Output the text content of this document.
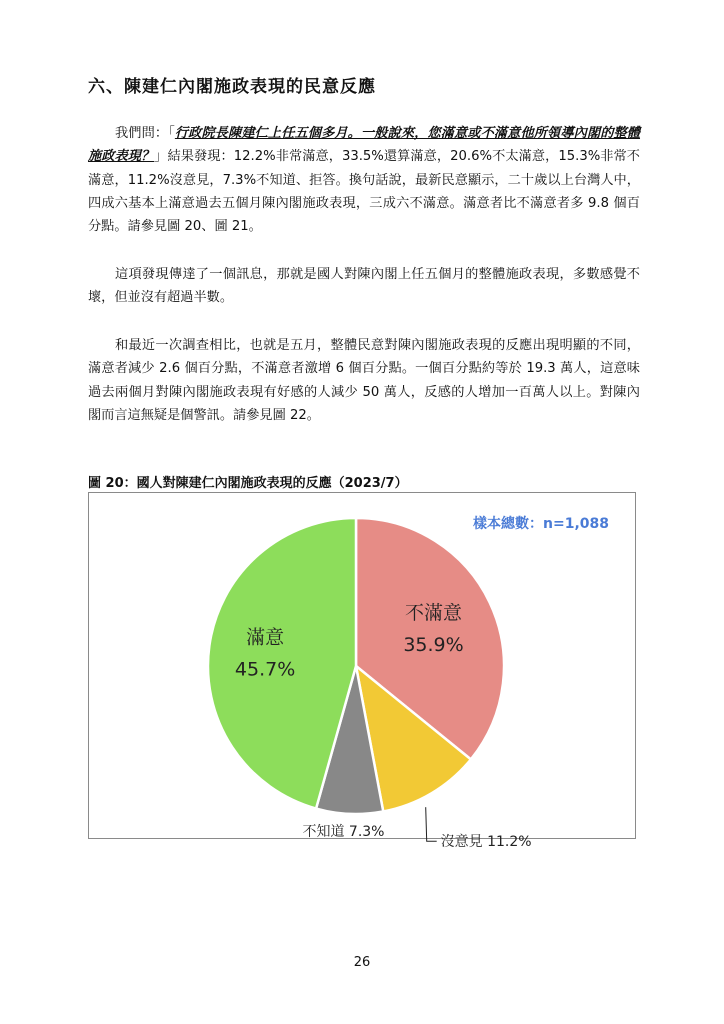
六、陳建仁內閣施政表現的民意反應

我們問：「行政院長陳建仁上任五個多月。一般說來，您滿意或不滿意他所領導內閣的整體施政表現？」結果發現：12.2%非常滿意，33.5%還算滿意，20.6%不太滿意，15.3%非常不滿意，11.2%沒意見，7.3%不知道、拒答。換句話說，最新民意顯示，二十歲以上台灣人中，四成六基本上滿意過去五個月陳內閣施政表現，三成六不滿意。滿意者比不滿意者多 9.8 個百分點。請參見圖 20、圖 21。

這項發現傳達了一個訊息，那就是國人對陳內閣上任五個月的整體施政表現，多數感覺不壞，但並沒有超過半數。

和最近一次調查相比，也就是五月，整體民意對陳內閣施政表現的反應出現明顯的不同，滿意者減少 2.6 個百分點，不滿意者激增 6 個百分點。一個百分點約等於 19.3 萬人，這意味過去兩個月對陳內閣施政表現有好感的人減少 50 萬人，反感的人增加一百萬人以上。對陳內閣而言這無疑是個警訊。請參見圖 22。

圖 20：國人對陳建仁內閣施政表現的反應（2023/7）

樣本總數：n=1,088
不滿意
35.9%
沒意見 11.2%
不知道 7.3%
滿意
45.7%
26
